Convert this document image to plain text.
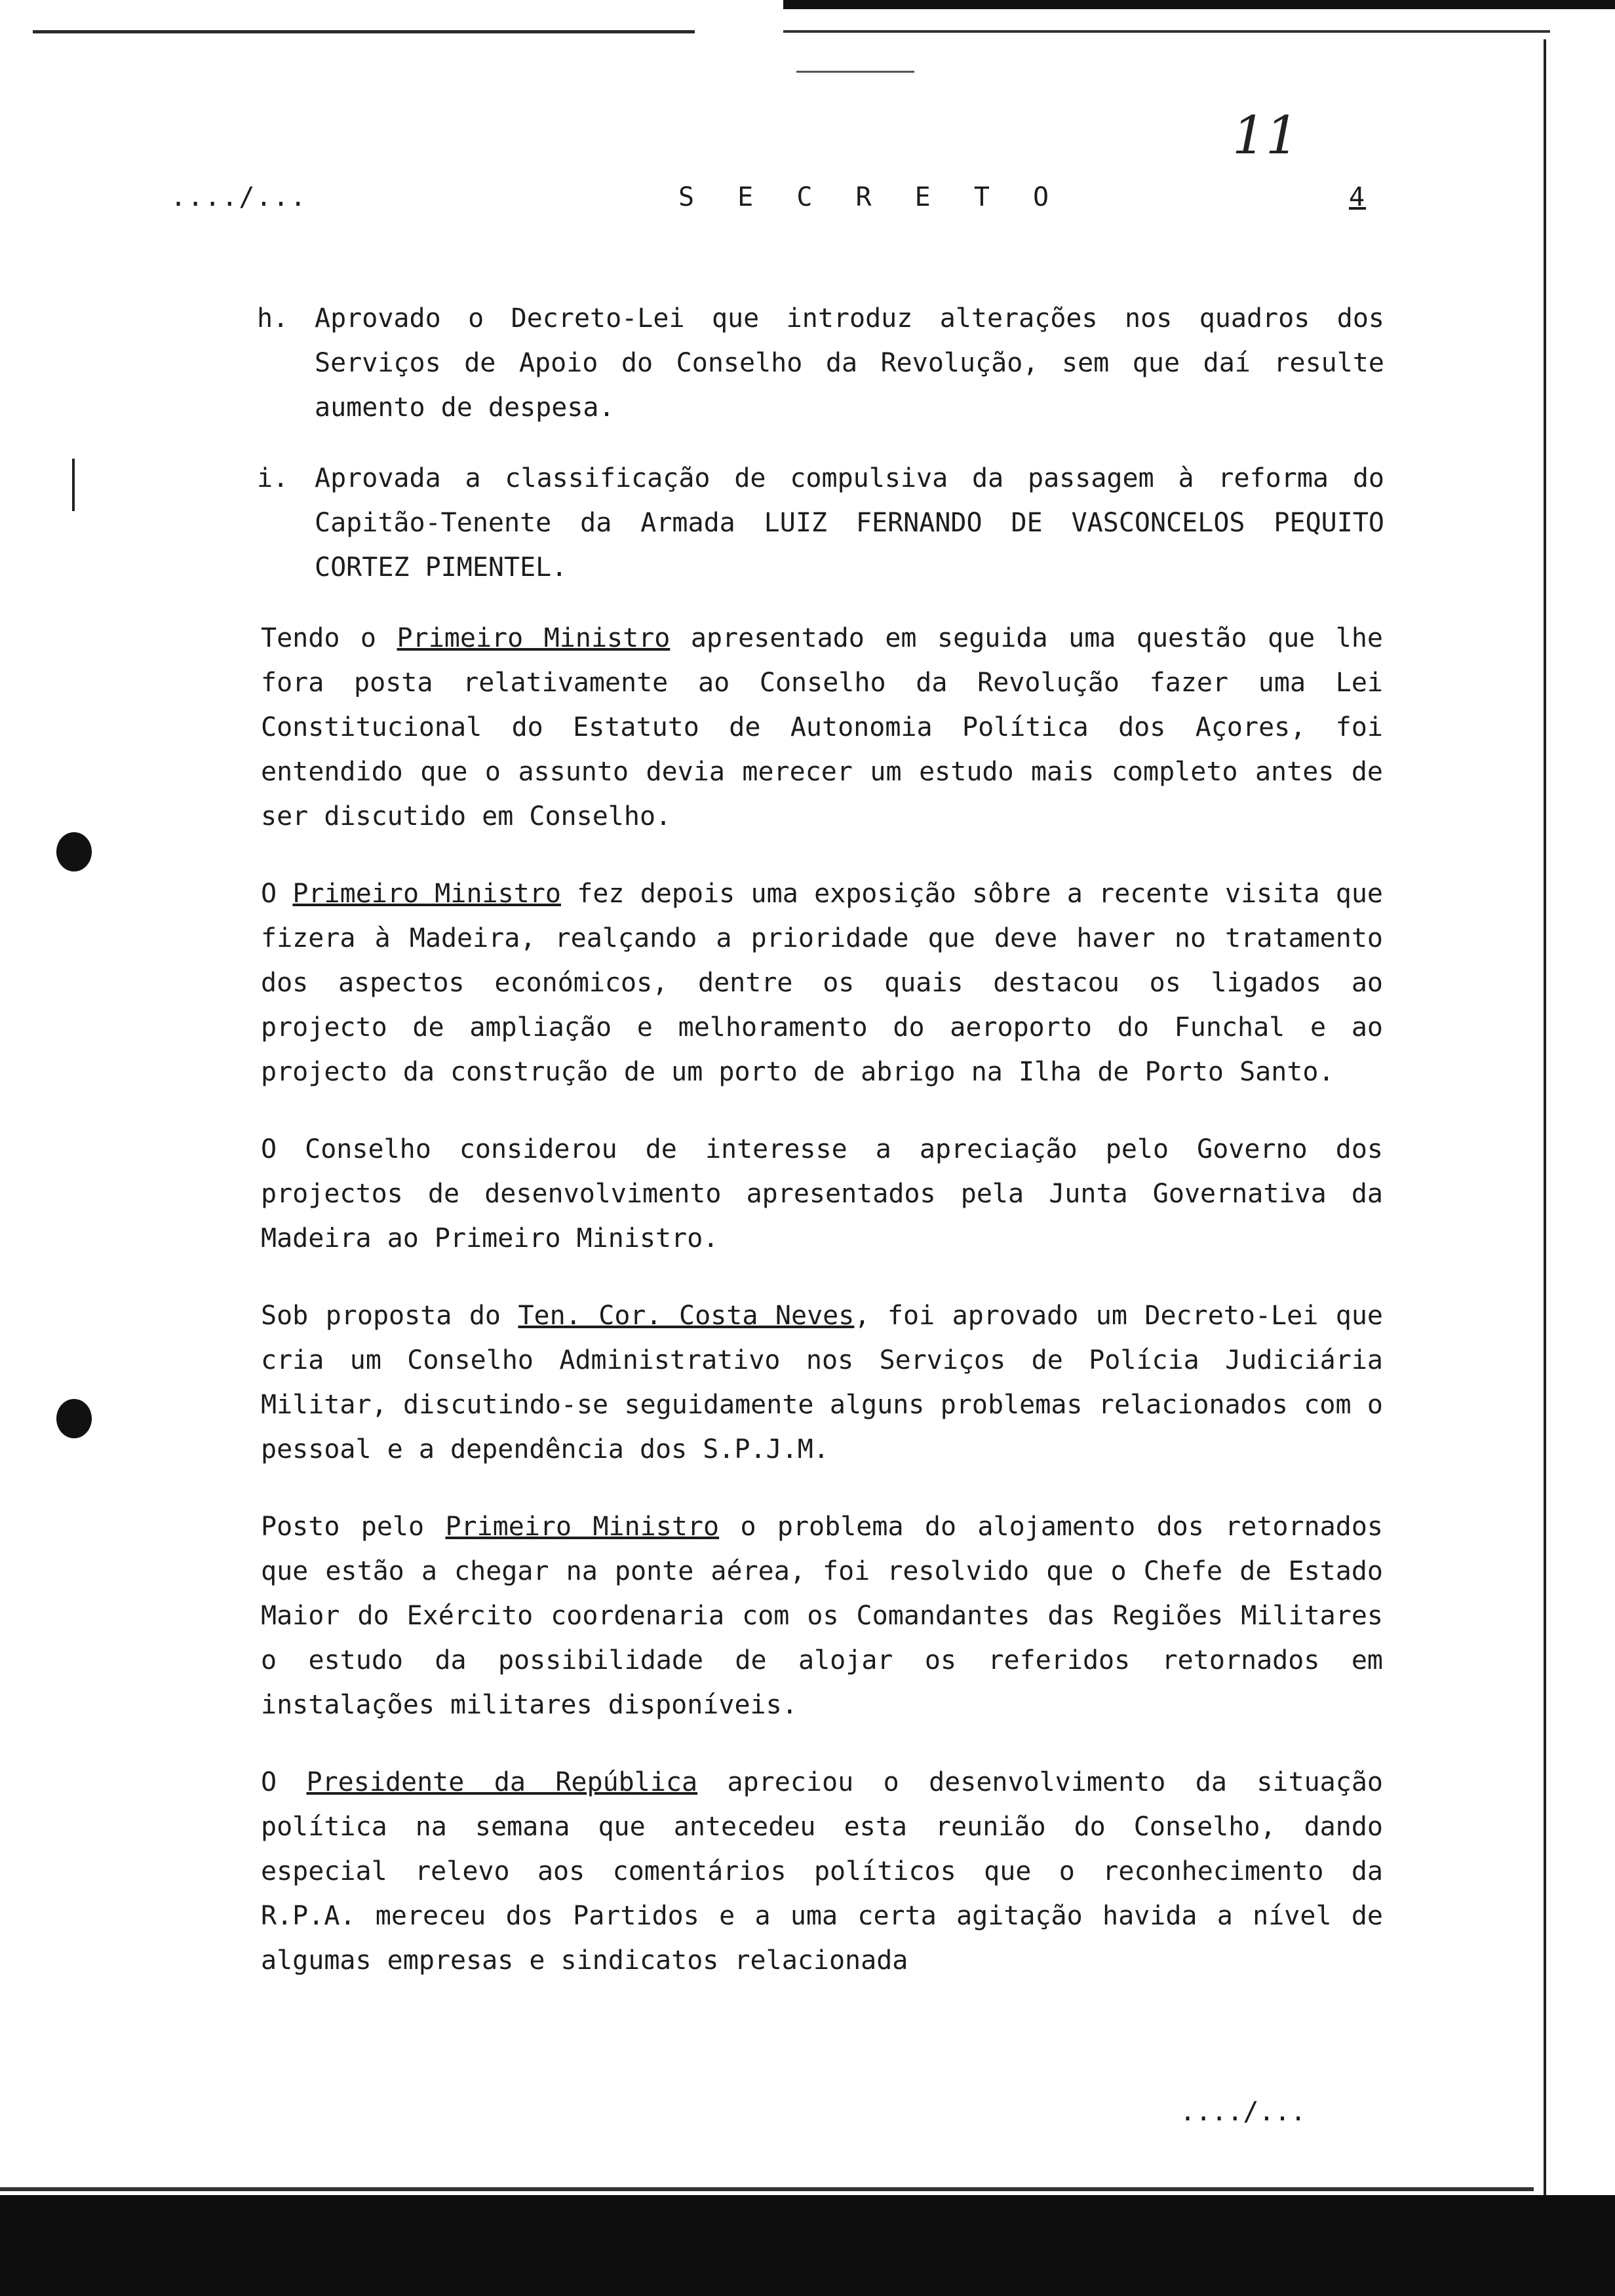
..../...	S E C R E T O	4
11
h. Aprovado o Decreto-Lei que introduz alterações nos quadros dos Serviços de Apoio do Conselho da Revolução, sem que daí resulte aumento de despesa.
i. Aprovada a classificação de compulsiva da passagem à reforma do Capitão-Tenente da Armada LUIZ FERNANDO DE VASCONCELOS PEQUITO CORTEZ PIMENTEL.

Tendo o Primeiro Ministro apresentado em seguida uma questão que lhe fora posta relativamente ao Conselho da Revolução fazer uma Lei Constitucional do Estatuto de Autonomia Política dos Açores, foi entendido que o assunto devia merecer um estudo mais completo antes de ser discutido em Conselho.

O Primeiro Ministro fez depois uma exposição sôbre a recente visita que fizera à Madeira, realçando a prioridade que deve haver no tratamento dos aspectos económicos, dentre os quais destacou os ligados ao projecto de ampliação e melhoramento do aeroporto do Funchal e ao projecto da construção de um porto de abrigo na Ilha de Porto Santo.

O Conselho considerou de interesse a apreciação pelo Governo dos projectos de desenvolvimento apresentados pela Junta Governativa da Madeira ao Primeiro Ministro.

Sob proposta do Ten. Cor. Costa Neves, foi aprovado um Decreto-Lei que cria um Conselho Administrativo nos Serviços de Polícia Judiciária Militar, discutindo-se seguidamente alguns problemas relacionados com o pessoal e a dependência dos S.P.J.M.

Posto pelo Primeiro Ministro o problema do alojamento dos retornados que estão a chegar na ponte aérea, foi resolvido que o Chefe de Estado Maior do Exército coordenaria com os Comandantes das Regiões Militares o estudo da possibilidade de alojar os referidos retornados em instalações militares disponíveis.

O Presidente da República apreciou o desenvolvimento da situação política na semana que antecedeu esta reunião do Conselho, dando especial relevo aos comentários políticos que o reconhecimento da R.P.A. mereceu dos Partidos e a uma certa agitação havida a nível de algumas empresas e sindicatos relacionada

..../...
